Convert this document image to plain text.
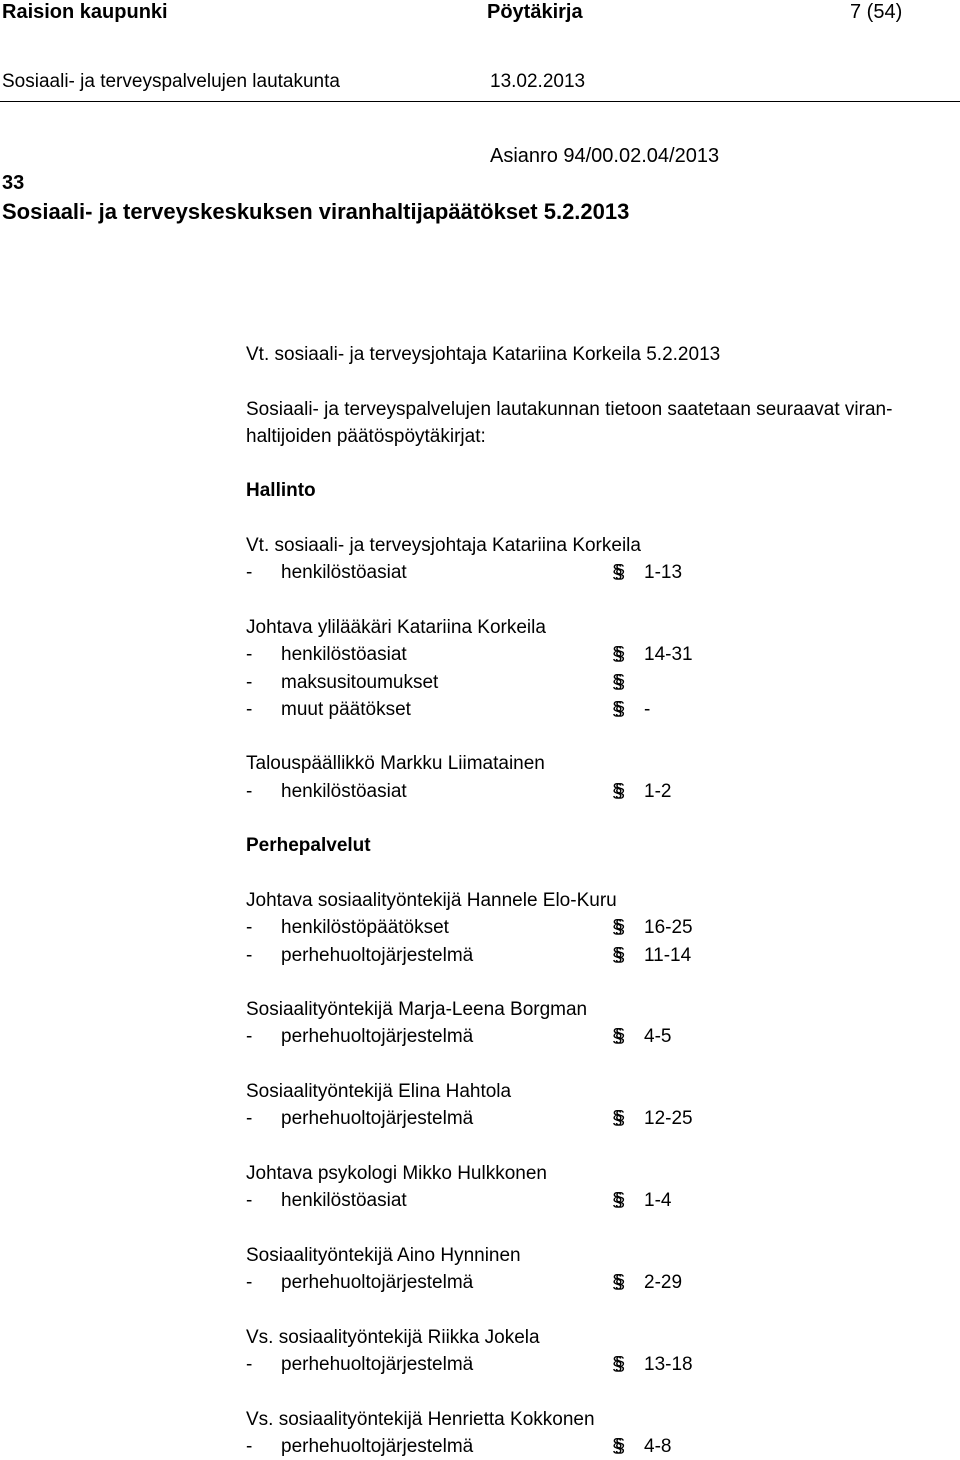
Raision kaupunki	Pöytäkirja	7 (54)
Sosiaali- ja terveyspalvelujen lautakunta	13.02.2013
Asianro 94/00.02.04/2013
33
Sosiaali- ja terveyskeskuksen viranhaltijapäätökset 5.2.2013

Vt. sosiaali- ja terveysjohtaja Katariina Korkeila 5.2.2013

Sosiaali- ja terveyspalvelujen lautakunnan tietoon saatetaan seuraavat viran-

haltijoiden päätöspöytäkirjat:

Hallinto

Vt. sosiaali- ja terveysjohtaja Katariina Korkeila

- henkilöstöasiat	§§ 1-13

Johtava ylilääkäri Katariina Korkeila

- henkilöstöasiat	§§ 14-31
- maksusitoumukset	§§
- muut päätökset	§§ -

Talouspäällikkö Markku Liimatainen

- henkilöstöasiat	§§ 1-2

Perhepalvelut

Johtava sosiaalityöntekijä Hannele Elo-Kuru

- henkilöstöpäätökset	§§ 16-25
- perhehuoltojärjestelmä	§§ 11-14

Sosiaalityöntekijä Marja-Leena Borgman

- perhehuoltojärjestelmä	§§ 4-5

Sosiaalityöntekijä Elina Hahtola

- perhehuoltojärjestelmä	§§ 12-25

Johtava psykologi Mikko Hulkkonen

- henkilöstöasiat	§§ 1-4

Sosiaalityöntekijä Aino Hynninen

- perhehuoltojärjestelmä	§§ 2-29

Vs. sosiaalityöntekijä Riikka Jokela

- perhehuoltojärjestelmä	§§ 13-18

Vs. sosiaalityöntekijä Henrietta Kokkonen

- perhehuoltojärjestelmä	§§ 4-8
